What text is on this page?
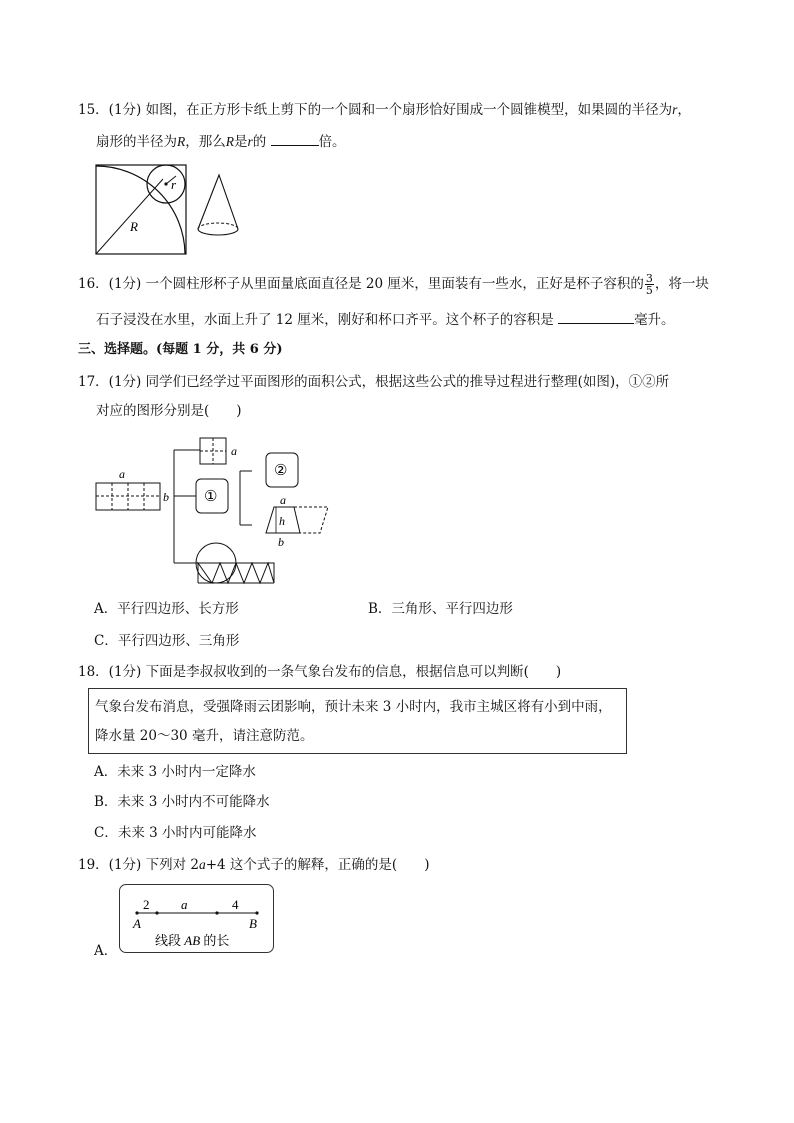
15．(1分) 如图，在正方形卡纸上剪下的一个圆和一个扇形恰好围成一个圆锥模型，如果圆的半径为r，
扇形的半径为R，那么R是r的	倍。
r
R
16．(1分) 一个圆柱形杯子从里面量底面直径是 20 厘米，里面装有一些水，正好是杯子容积的 $\frac{3}{5}$ ，将一块
石子浸没在水里，水面上升了 12 厘米，刚好和杯口齐平。这个杯子的容积是	毫升。
三、选择题。(每题 1 分，共 6 分)
17．(1分) 同学们已经学过平面图形的面积公式，根据这些公式的推导过程进行整理(如图)，①②所
对应的图形分别是(　　)
a
b
a
①
②
a
h
b
A．平行四边形、长方形	B．三角形、平行四边形
C．平行四边形、三角形
18．(1分) 下面是李叔叔收到的一条气象台发布的信息，根据信息可以判断(　　)
气象台发布消息，受强降雨云团影响，预计未来 3 小时内，我市主城区将有小到中雨，
降水量 20～30 毫升，请注意防范。
A．未来 3 小时内一定降水
B．未来 3 小时内不可能降水
C．未来 3 小时内可能降水
19．(1分) 下列对 2a+4 这个式子的解释，正确的是(　　)
A．
2 a	4
A	B
线段 AB 的长
